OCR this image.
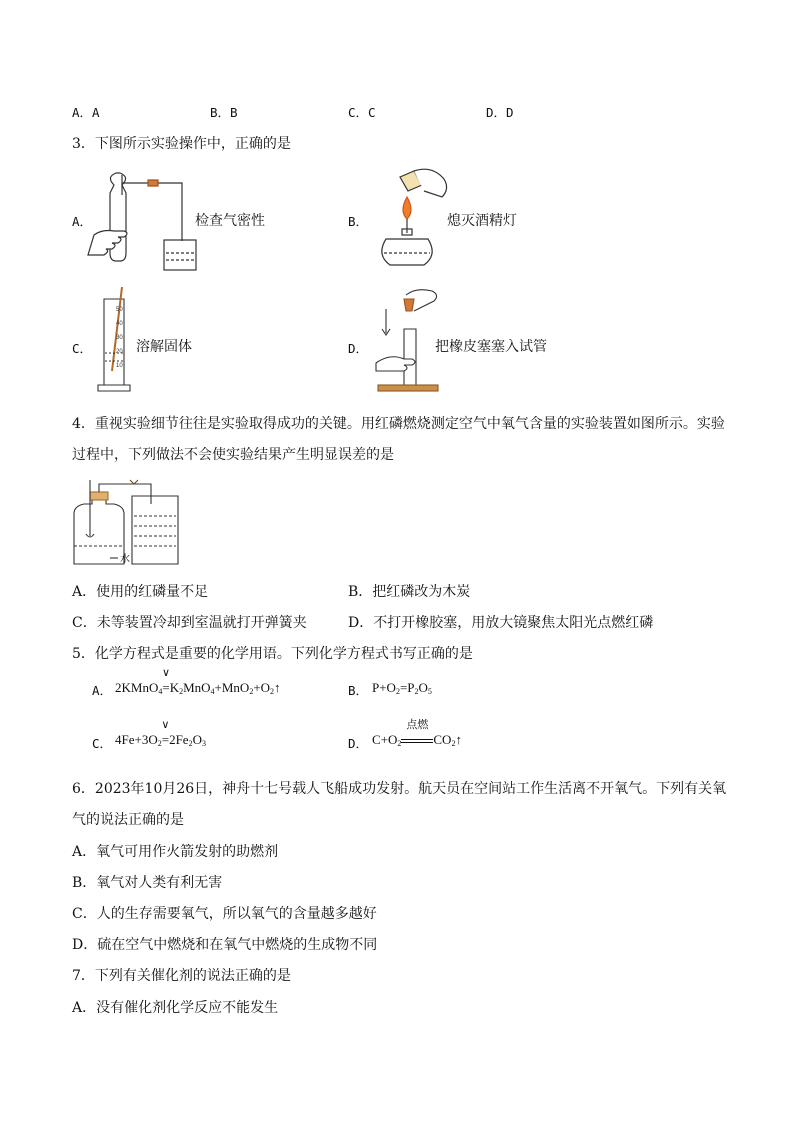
A．A	B．B	C．C	D．D
3．下图所示实验操作中，正确的是
A．	检查气密性	B．	熄灭酒精灯
C．
50
40
30
20
10
溶解固体	D．	把橡皮塞塞入试管
4．重视实验细节往往是实验取得成功的关键。用红磷燃烧测定空气中氧气含量的实验装置如图所示。实验
过程中，下列做法不会使实验结果产生明显误差的是
水
A．使用的红磷量不足	B．把红磷改为木炭
C．未等装置冷却到室温就打开弹簧夹	D．不打开橡胶塞，用放大镜聚焦太阳光点燃红磷
5．化学方程式是重要的化学用语。下列化学方程式书写正确的是
A． 2KMnO$_4$
∨
$=K_2MnO_4+MnO_2+O_2↑$	B． $P+O_2=P_2O_5$
C． $4Fe+3O_2$
∨
$=2Fe_2O_3$	D． $C+O_2$
点燃
$CO_2↑$
6．2023年10月26日，神舟十七号载人飞船成功发射。航天员在空间站工作生活离不开氧气。下列有关氧
气的说法正确的是
A．氧气可用作火箭发射的助燃剂
B．氧气对人类有利无害
C．人的生存需要氧气，所以氧气的含量越多越好
D．硫在空气中燃烧和在氧气中燃烧的生成物不同
7．下列有关催化剂的说法正确的是
A．没有催化剂化学反应不能发生
